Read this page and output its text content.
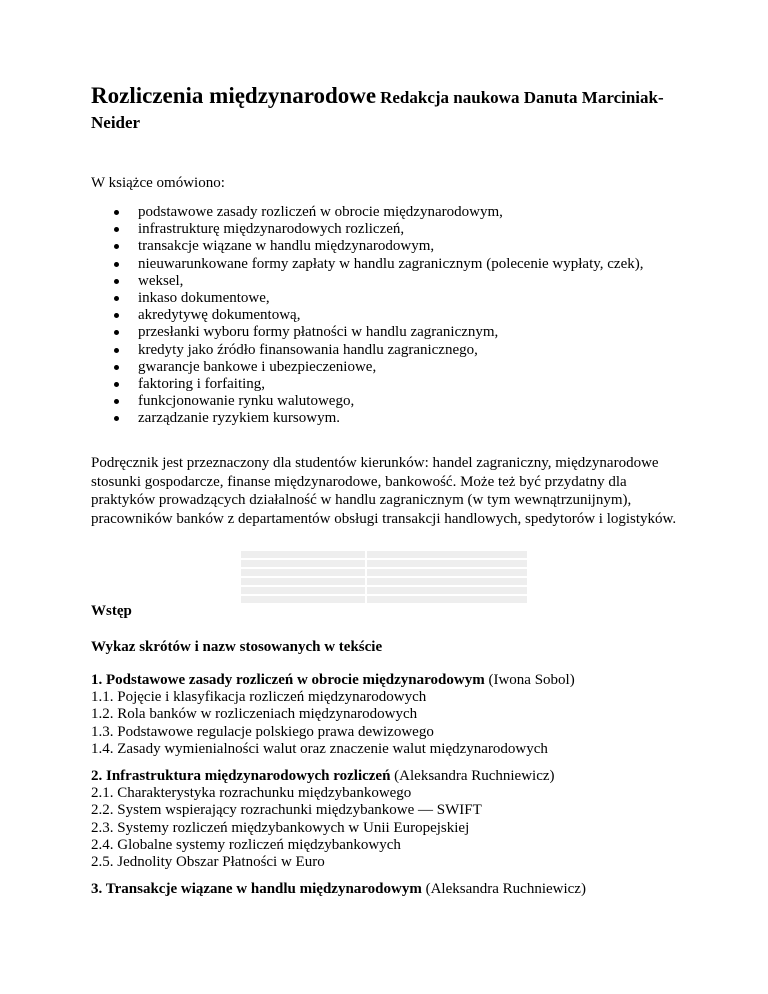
Rozliczenia międzynarodowe Redakcja naukowa Danuta Marciniak-Neider
W książce omówiono:
podstawowe zasady rozliczeń w obrocie międzynarodowym,
infrastrukturę międzynarodowych rozliczeń,
transakcje wiązane w handlu międzynarodowym,
nieuwarunkowane formy zapłaty w handlu zagranicznym (polecenie wypłaty, czek),
weksel,
inkaso dokumentowe,
akredytywę dokumentową,
przesłanki wyboru formy płatności w handlu zagranicznym,
kredyty jako źródło finansowania handlu zagranicznego,
gwarancje bankowe i ubezpieczeniowe,
faktoring i forfaiting,
funkcjonowanie rynku walutowego,
zarządzanie ryzykiem kursowym.
Podręcznik jest przeznaczony dla studentów kierunków: handel zagraniczny, międzynarodowe stosunki gospodarcze, finanse międzynarodowe, bankowość. Może też być przydatny dla praktyków prowadzących działalność w handlu zagranicznym (w tym wewnątrzunijnym), pracowników banków z departamentów obsługi transakcji handlowych, spedytorów i logistyków.
Wstęp
Wykaz skrótów i nazw stosowanych w tekście
1. Podstawowe zasady rozliczeń w obrocie międzynarodowym (Iwona Sobol)
1.1. Pojęcie i klasyfikacja rozliczeń międzynarodowych
1.2. Rola banków w rozliczeniach międzynarodowych
1.3. Podstawowe regulacje polskiego prawa dewizowego
1.4. Zasady wymienialności walut oraz znaczenie walut międzynarodowych
2. Infrastruktura międzynarodowych rozliczeń (Aleksandra Ruchniewicz)
2.1. Charakterystyka rozrachunku międzybankowego
2.2. System wspierający rozrachunki międzybankowe — SWIFT
2.3. Systemy rozliczeń międzybankowych w Unii Europejskiej
2.4. Globalne systemy rozliczeń międzybankowych
2.5. Jednolity Obszar Płatności w Euro
3. Transakcje wiązane w handlu międzynarodowym (Aleksandra Ruchniewicz)
